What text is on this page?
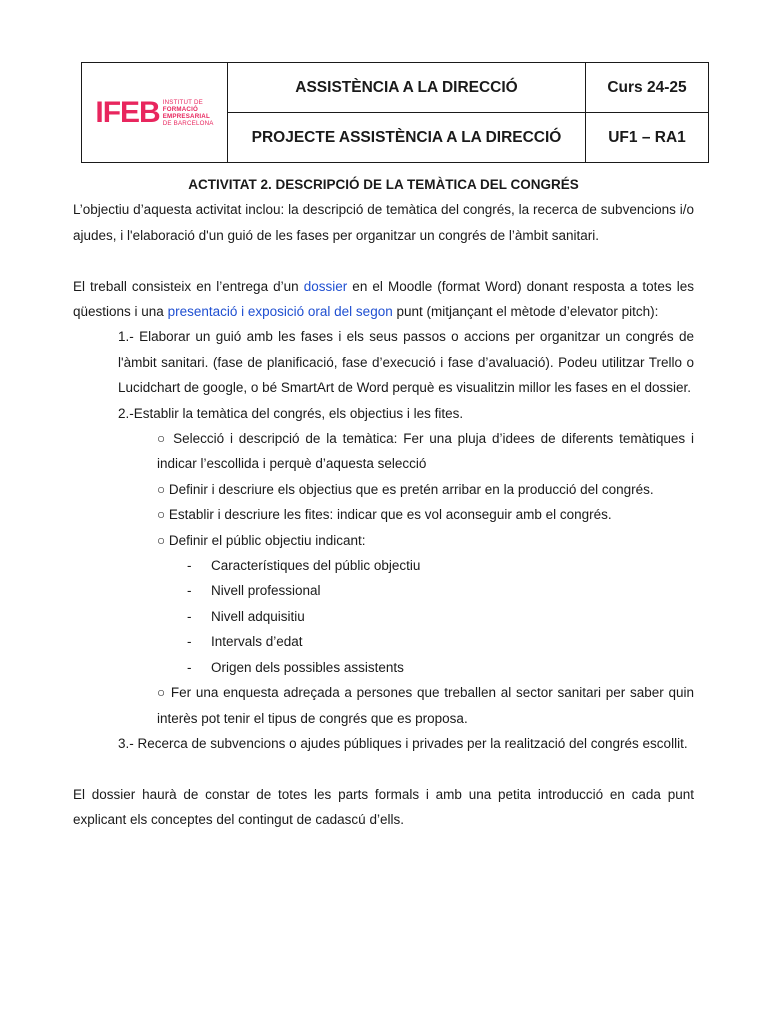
IFEB INSTITUT DE
FORMACIÓ
EMPRESARIAL
DE BARCELONA	ASSISTÈNCIA A LA DIRECCIÓ	Curs 24-25
	PROJECTE ASSISTÈNCIA A LA DIRECCIÓ	UF1 – RA1
ACTIVITAT 2. DESCRIPCIÓ DE LA TEMÀTICA DEL CONGRÉS

L’objectiu d’aquesta activitat inclou: la descripció de temàtica del congrés, la recerca de subvencions i/o ajudes, i l'elaboració d'un guió de les fases per organitzar un congrés de l’àmbit sanitari.

El treball consisteix en l’entrega d’un dossier en el Moodle (format Word) donant resposta a totes les qüestions i una presentació i exposició oral del segon punt (mitjançant el mètode d’elevator pitch):

1.- Elaborar un guió amb les fases i els seus passos o accions per organitzar un congrés de l'àmbit sanitari. (fase de planificació, fase d’execució i fase d’avaluació). Podeu utilitzar Trello o Lucidchart de google, o bé SmartArt de Word perquè es visualitzin millor les fases en el dossier.

2.-Establir la temàtica del congrés, els objectius i les fites.

○ Selecció i descripció de la temàtica: Fer una pluja d’idees de diferents temàtiques i indicar l’escollida i perquè d’aquesta selecció

○ Definir i descriure els objectius que es pretén arribar en la producció del congrés.

○ Establir i descriure les fites: indicar que es vol aconseguir amb el congrés.

○ Definir el públic objectiu indicant:

-	Característiques del públic objectiu
-	Nivell professional
-	Nivell adquisitiu
-	Intervals d’edat
-	Origen dels possibles assistents

○ Fer una enquesta adreçada a persones que treballen al sector sanitari per saber quin interès pot tenir el tipus de congrés que es proposa.

3.- Recerca de subvencions o ajudes públiques i privades per la realització del congrés escollit.

El dossier haurà de constar de totes les parts formals i amb una petita introducció en cada punt explicant els conceptes del contingut de cadascú d’ells.
